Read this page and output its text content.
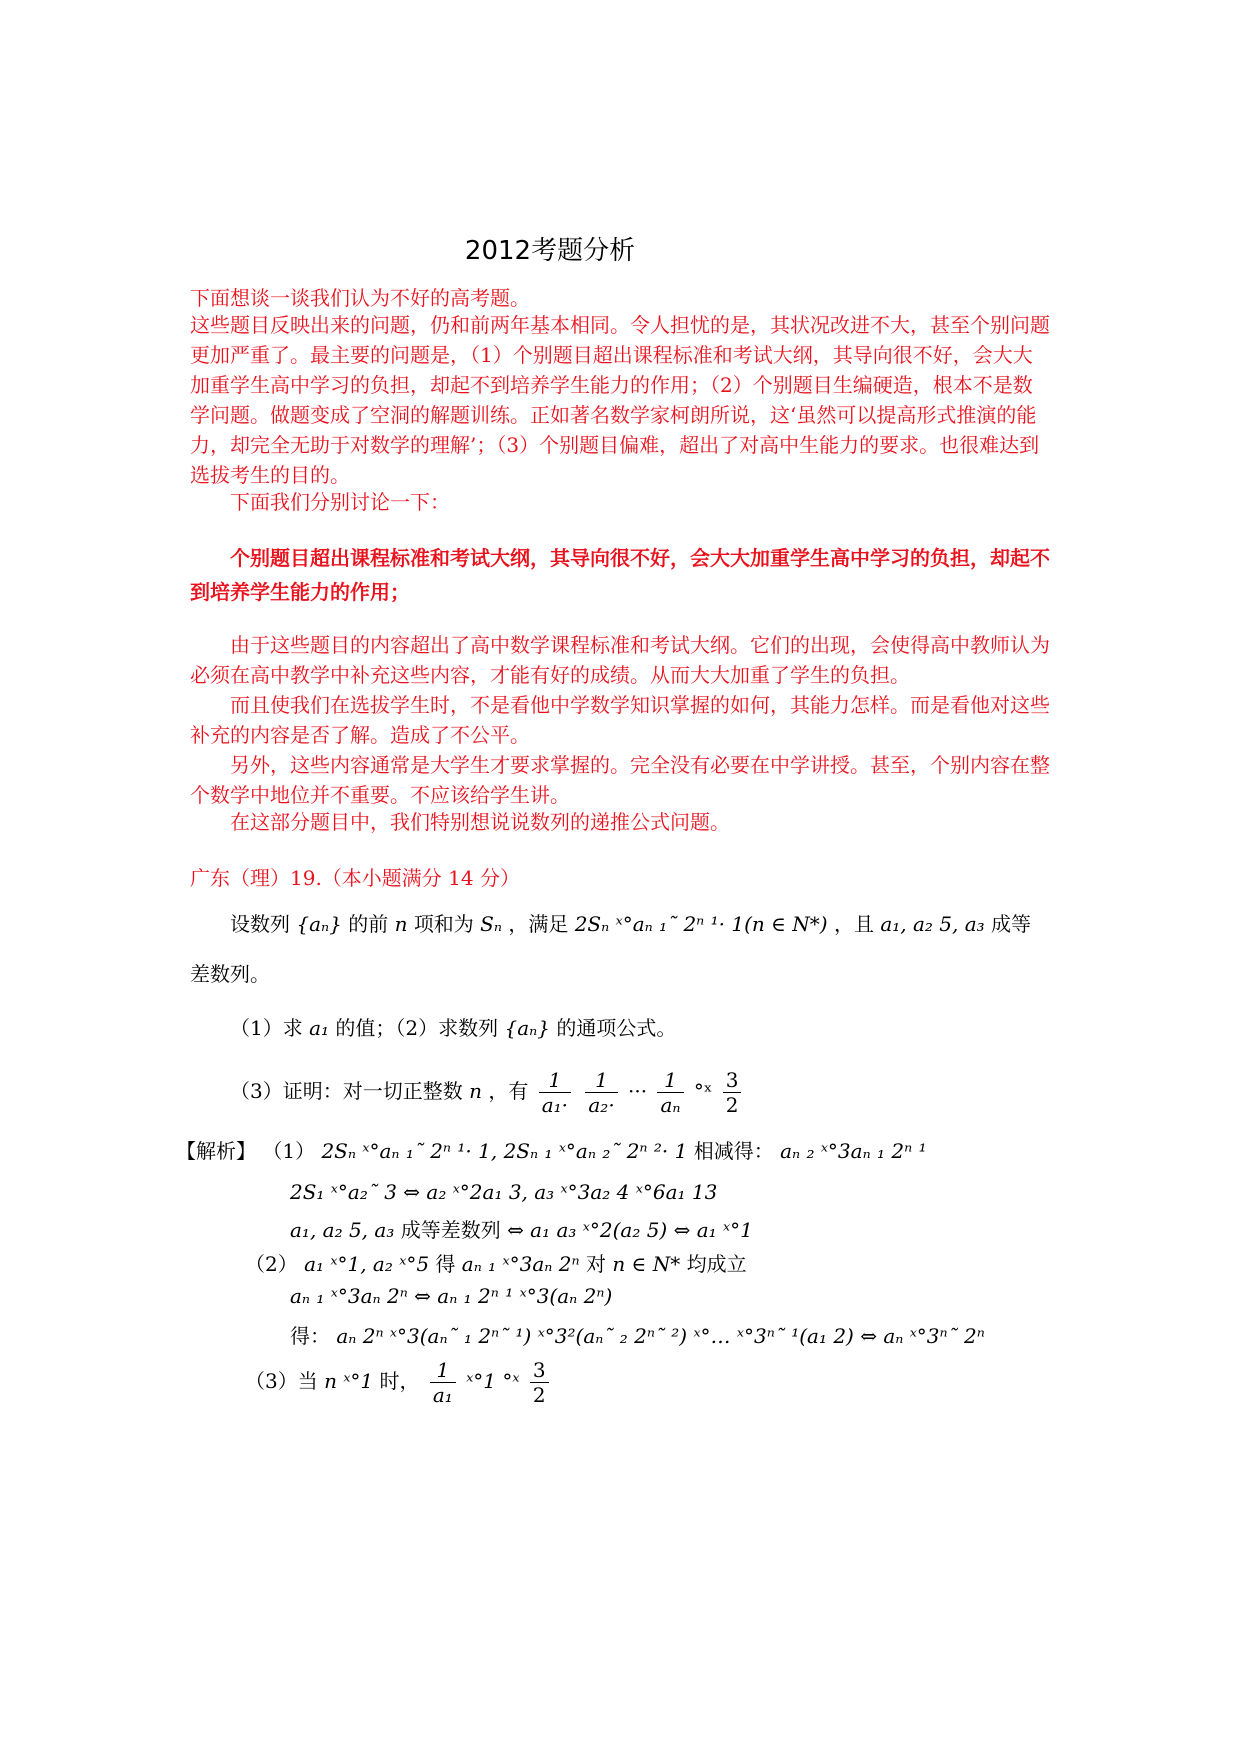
2012考题分析
下面想谈一谈我们认为不好的高考题。
这些题目反映出来的问题，仍和前两年基本相同。令人担忧的是，其状况改进不大，甚至个别问题更加严重了。最主要的问题是，（1）个别题目超出课程标准和考试大纲，其导向很不好，会大大加重学生高中学习的负担，却起不到培养学生能力的作用；（2）个别题目生编硬造，根本不是数学问题。做题变成了空洞的解题训练。正如著名数学家柯朗所说，这‘虽然可以提高形式推演的能力，却完全无助于对数学的理解’；（3）个别题目偏难，超出了对高中生能力的要求。也很难达到选拔考生的目的。
下面我们分别讨论一下：
个别题目超出课程标准和考试大纲，其导向很不好，会大大加重学生高中学习的负担，却起不到培养学生能力的作用；
由于这些题目的内容超出了高中数学课程标准和考试大纲。它们的出现，会使得高中教师认为必须在高中教学中补充这些内容，才能有好的成绩。从而大大加重了学生的负担。
而且使我们在选拔学生时，不是看他中学数学知识掌握的如何，其能力怎样。而是看他对这些补充的内容是否了解。造成了不公平。
另外，这些内容通常是大学生才要求掌握的。完全没有必要在中学讲授。甚至，个别内容在整个数学中地位并不重要。不应该给学生讲。
在这部分题目中，我们特别想说说数列的递推公式问题。
广东（理）19.（本小题满分 14 分）
设数列 {aₙ} 的前 n 项和为 Sₙ ，满足 2Sₙ ˣ°aₙ ₁˜ 2ⁿ ¹· 1(n ∈ N*) ，且 a₁, a₂ 5, a₃ 成等
差数列。
（1）求 a₁ 的值；（2）求数列 {aₙ} 的通项公式。
（3）证明：对一切正整数 n ，有 $\frac{1}{\text{a₁·}}$
$\frac{1}{\text{a₂·}}$ ··· $\frac{1}{\text{aₙ}}$ °ˣ $\frac{3}{2}$
【解析】 （1） 2Sₙ ˣ°aₙ ₁˜ 2ⁿ ¹· 1, 2Sₙ ₁ ˣ°aₙ ₂˜ 2ⁿ ²· 1 相减得： aₙ ₂ ˣ°3aₙ ₁ 2ⁿ ¹
2S₁ ˣ°a₂˜ 3 ⇔ a₂ ˣ°2a₁ 3, a₃ ˣ°3a₂ 4 ˣ°6a₁ 13
a₁, a₂ 5, a₃ 成等差数列 ⇔ a₁ a₃ ˣ°2(a₂ 5) ⇔ a₁ ˣ°1
（2） a₁ ˣ°1, a₂ ˣ°5 得 aₙ ₁ ˣ°3aₙ 2ⁿ 对 n ∈ N* 均成立
aₙ ₁ ˣ°3aₙ 2ⁿ ⇔ aₙ ₁ 2ⁿ ¹ ˣ°3(aₙ 2ⁿ)
得： aₙ 2ⁿ ˣ°3(aₙ˜ ₁ 2ⁿ˜ ¹) ˣ°3²(aₙ˜ ₂ 2ⁿ˜ ²) ˣ°… ˣ°3ⁿ˜ ¹(a₁ 2) ⇔ aₙ ˣ°3ⁿ˜ 2ⁿ
（3）当 n ˣ°1 时， $\frac{1}{\text{a₁}}$ ˣ°1 °ˣ $\frac{3}{2}$
